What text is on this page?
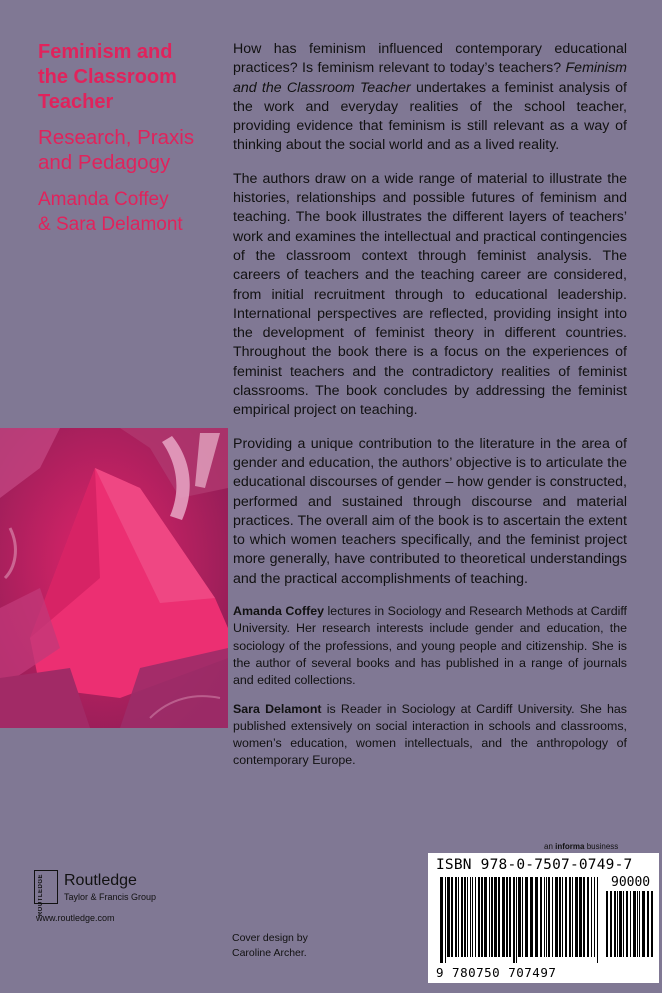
Feminism and
the Classroom
Teacher
Research, Praxis
and Pedagogy
Amanda Coffey
& Sara Delamont

How has feminism influenced contemporary educational practices? Is feminism relevant to today’s teachers? Feminism and the Classroom Teacher undertakes a feminist analysis of the work and everyday realities of the school teacher, providing evidence that feminism is still relevant as a way of thinking about the social world and as a lived reality.

The authors draw on a wide range of material to illustrate the histories, relationships and possible futures of feminism and teaching. The book illustrates the different layers of teachers’ work and examines the intellectual and practical contingencies of the classroom context through feminist analysis. The careers of teachers and the teaching career are considered, from initial recruitment through to educational leadership. International perspectives are reflected, providing insight into the development of feminist theory in different countries. Throughout the book there is a focus on the experiences of feminist teachers and the contradictory realities of feminist classrooms. The book concludes by addressing the feminist empirical project on teaching.

Providing a unique contribution to the literature in the area of gender and education, the authors’ objective is to articulate the educational discourses of gender – how gender is constructed, performed and sustained through discourse and material practices. The overall aim of the book is to ascertain the extent to which women teachers specifically, and the feminist project more generally, have contributed to theoretical understandings and the practical accomplishments of teaching.

Amanda Coffey lectures in Sociology and Research Methods at Cardiff University. Her research interests include gender and education, the sociology of the professions, and young people and citizenship. She is the author of several books and has published in a range of journals and edited collections.

Sara Delamont is Reader in Sociology at Cardiff University. She has published extensively on social interaction in schools and classrooms, women’s education, women intellectuals, and the anthropology of contemporary Europe.

ROUTLEDGE Routledge
Taylor & Francis Group
www.routledge.com
Cover design by
Caroline Archer.
an informa business
ISBN 978-0-7507-0749-7
90000
9 780750 707497
